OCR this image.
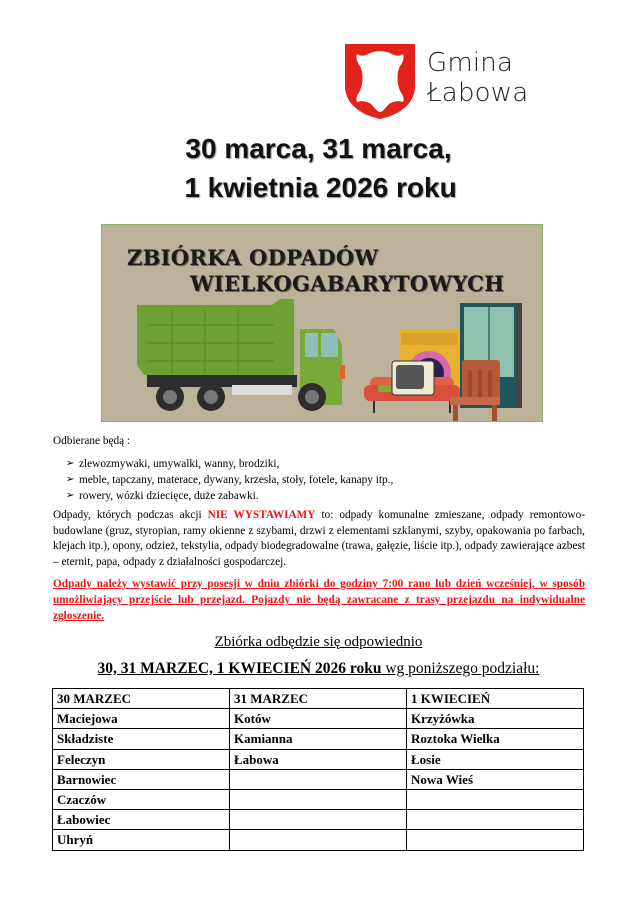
Gmina
Łabowa
30 marca, 31 marca,
1 kwietnia 2026 roku
ZBIÓRKA ODPADÓW
WIELKOGABARYTOWYCH
Odbierane będą :
➢ zlewozmywaki, umywalki, wanny, brodziki,
➢ meble, tapczany, materace, dywany, krzesła, stoły, fotele, kanapy itp.,
➢ rowery, wózki dziecięce, duże zabawki.
Odpady, których podczas akcji NIE WYSTAWIAMY to: odpady komunalne zmieszane, odpady remontowo-budowlane (gruz, styropian, ramy okienne z szybami, drzwi z elementami szklanymi, szyby, opakowania po farbach, klejach itp.), opony, odzież, tekstylia, odpady biodegradowalne (trawa, gałęzie, liście itp.), odpady zawierające azbest – eternit, papa, odpady z działalności gospodarczej.
Odpady należy wystawić przy posesji w dniu zbiórki do godziny 7:00 rano lub dzień wcześniej, w sposób umożliwiający przejście lub przejazd. Pojazdy nie będą zawracane z trasy przejazdu na indywidualne zgłoszenie.
Zbiórka odbędzie się odpowiednio
30, 31 MARZEC, 1 KWIECIEŃ 2026 roku wg poniższego podziału:
30 MARZEC	31 MARZEC	1 KWIECIEŃ
Maciejowa	Kotów	Krzyżówka
Składziste	Kamianna	Roztoka Wielka
Feleczyn	Łabowa	Łosie
Barnowiec		Nowa Wieś
Czaczów		
Łabowiec		
Uhryń		
